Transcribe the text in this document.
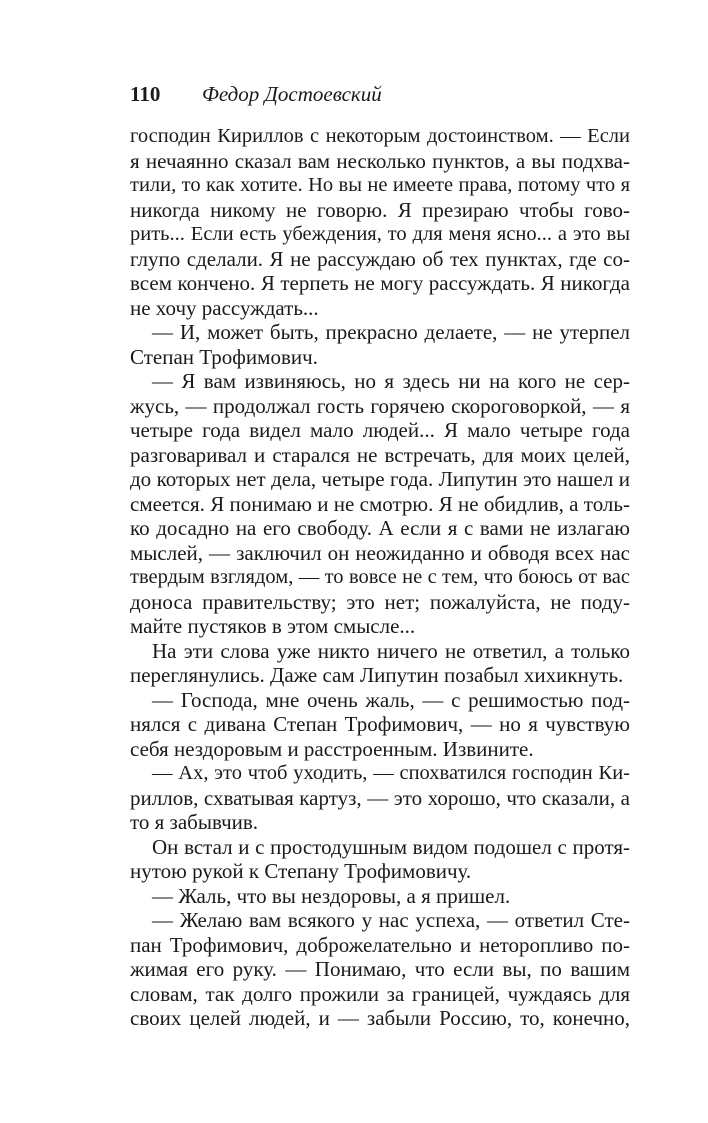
110 Федор Достоевский
господин Кириллов с некоторым достоинством. — Если
я нечаянно сказал вам несколько пунктов, а вы подхва-
тили, то как хотите. Но вы не имеете права, потому что я
никогда никому не говорю. Я презираю чтобы гово-
рить... Если есть убеждения, то для меня ясно... а это вы
глупо сделали. Я не рассуждаю об тех пунктах, где со-
всем кончено. Я терпеть не могу рассуждать. Я никогда
не хочу рассуждать...
— И, может быть, прекрасно делаете, — не утерпел
Степан Трофимович.
— Я вам извиняюсь, но я здесь ни на кого не сер-
жусь, — продолжал гость горячею скороговоркой, — я
четыре года видел мало людей... Я мало четыре года
разговаривал и старался не встречать, для моих целей,
до которых нет дела, четыре года. Липутин это нашел и
смеется. Я понимаю и не смотрю. Я не обидлив, а толь-
ко досадно на его свободу. А если я с вами не излагаю
мыслей, — заключил он неожиданно и обводя всех нас
твердым взглядом, — то вовсе не с тем, что боюсь от вас
доноса правительству; это нет; пожалуйста, не поду-
майте пустяков в этом смысле...
На эти слова уже никто ничего не ответил, а только
переглянулись. Даже сам Липутин позабыл хихикнуть.
— Господа, мне очень жаль, — с решимостью под-
нялся с дивана Степан Трофимович, — но я чувствую
себя нездоровым и расстроенным. Извините.
— Ах, это чтоб уходить, — спохватился господин Ки-
риллов, схватывая картуз, — это хорошо, что сказали, а
то я забывчив.
Он встал и с простодушным видом подошел с протя-
нутою рукой к Степану Трофимовичу.
— Жаль, что вы нездоровы, а я пришел.
— Желаю вам всякого у нас успеха, — ответил Сте-
пан Трофимович, доброжелательно и неторопливо по-
жимая его руку. — Понимаю, что если вы, по вашим
словам, так долго прожили за границей, чуждаясь для
своих целей людей, и — забыли Россию, то, конечно,
